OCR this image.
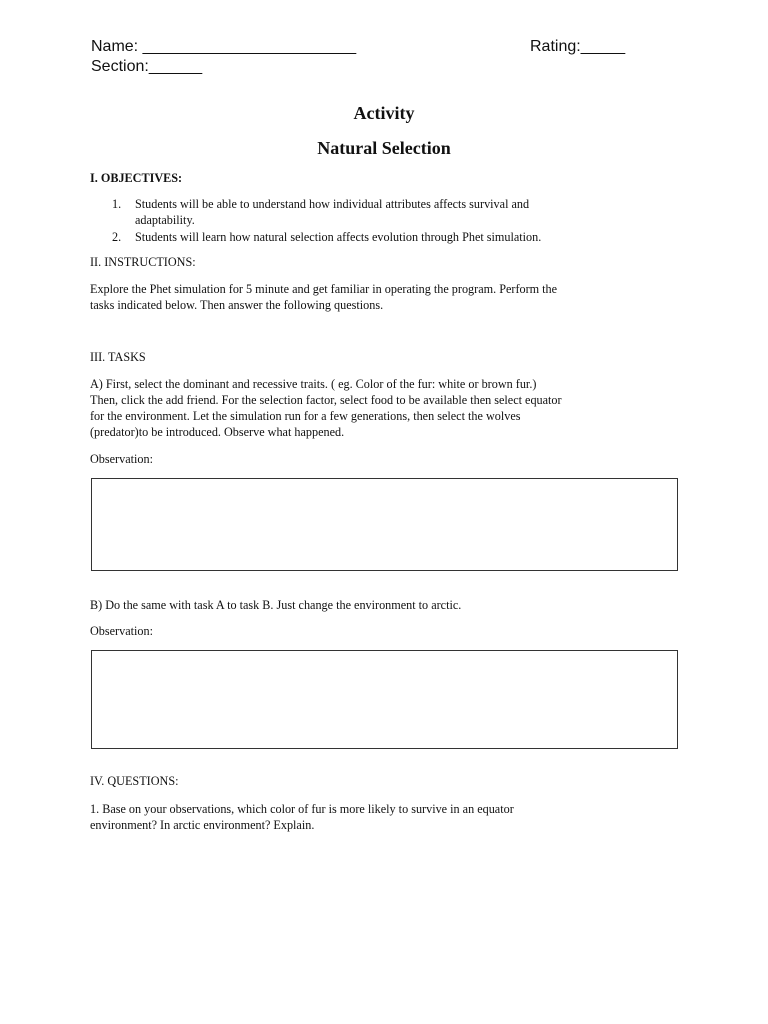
Name: ________________________	Rating:_____
Section:______
Activity
Natural Selection
I. OBJECTIVES:
1. Students will be able to understand how individual attributes affects survival and
adaptability.
2. Students will learn how natural selection affects evolution through Phet simulation.
II. INSTRUCTIONS:
Explore the Phet simulation for 5 minute and get familiar in operating the program. Perform the
tasks indicated below. Then answer the following questions.
III. TASKS
A) First, select the dominant and recessive traits. ( eg. Color of the fur: white or brown fur.)
Then, click the add friend. For the selection factor, select food to be available then select equator
for the environment. Let the simulation run for a few generations, then select the wolves
(predator)to be introduced. Observe what happened.
Observation:
B) Do the same with task A to task B. Just change the environment to arctic.
Observation:
IV. QUESTIONS:
1. Base on your observations, which color of fur is more likely to survive in an equator
environment? In arctic environment? Explain.
